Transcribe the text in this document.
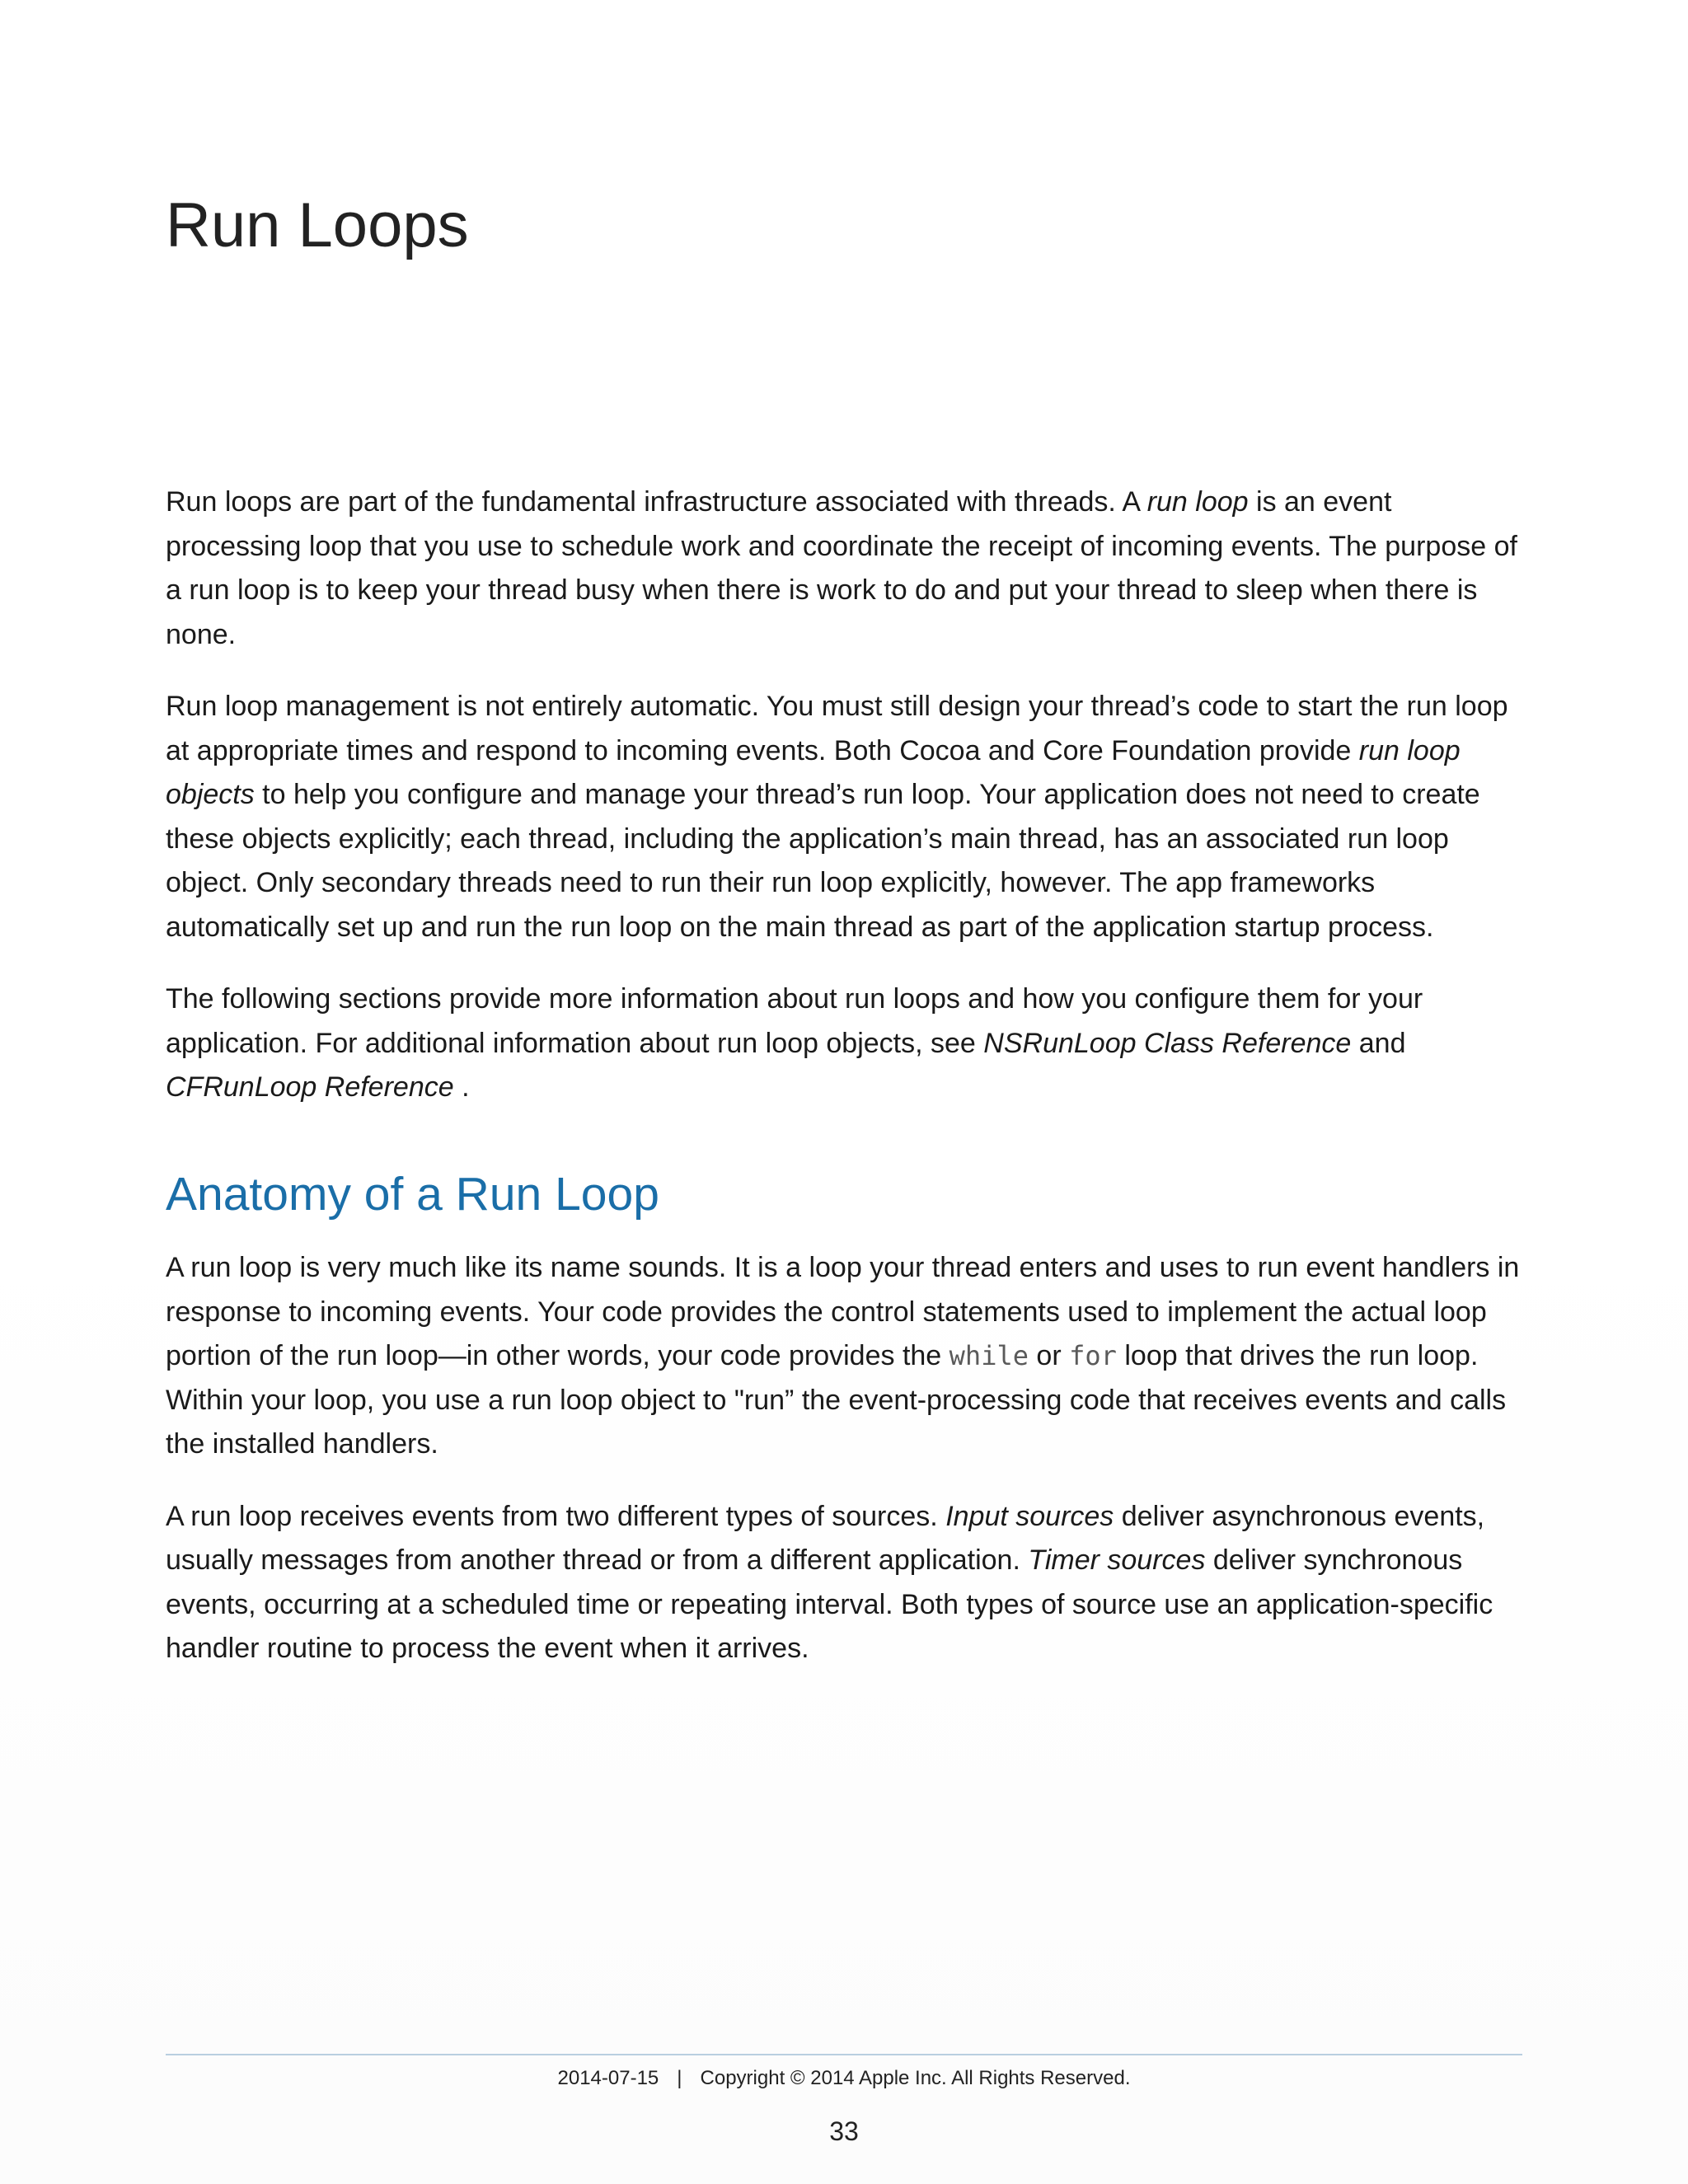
Run Loops

Run loops are part of the fundamental infrastructure associated with threads. A run loop is an event processing loop that you use to schedule work and coordinate the receipt of incoming events. The purpose of a run loop is to keep your thread busy when there is work to do and put your thread to sleep when there is none.

Run loop management is not entirely automatic. You must still design your thread’s code to start the run loop at appropriate times and respond to incoming events. Both Cocoa and Core Foundation provide run loop objects to help you configure and manage your thread’s run loop. Your application does not need to create these objects explicitly; each thread, including the application’s main thread, has an associated run loop object. Only secondary threads need to run their run loop explicitly, however. The app frameworks automatically set up and run the run loop on the main thread as part of the application startup process.

The following sections provide more information about run loops and how you configure them for your application. For additional information about run loop objects, see NSRunLoop Class Reference and CFRunLoop Reference .

Anatomy of a Run Loop

A run loop is very much like its name sounds. It is a loop your thread enters and uses to run event handlers in response to incoming events. Your code provides the control statements used to implement the actual loop portion of the run loop—in other words, your code provides the while or for loop that drives the run loop. Within your loop, you use a run loop object to "run” the event-processing code that receives events and calls the installed handlers.

A run loop receives events from two different types of sources. Input sources deliver asynchronous events, usually messages from another thread or from a different application. Timer sources deliver synchronous events, occurring at a scheduled time or repeating interval. Both types of source use an application-specific handler routine to process the event when it arrives.

2014-07-15 | Copyright © 2014 Apple Inc. All Rights Reserved.
33
